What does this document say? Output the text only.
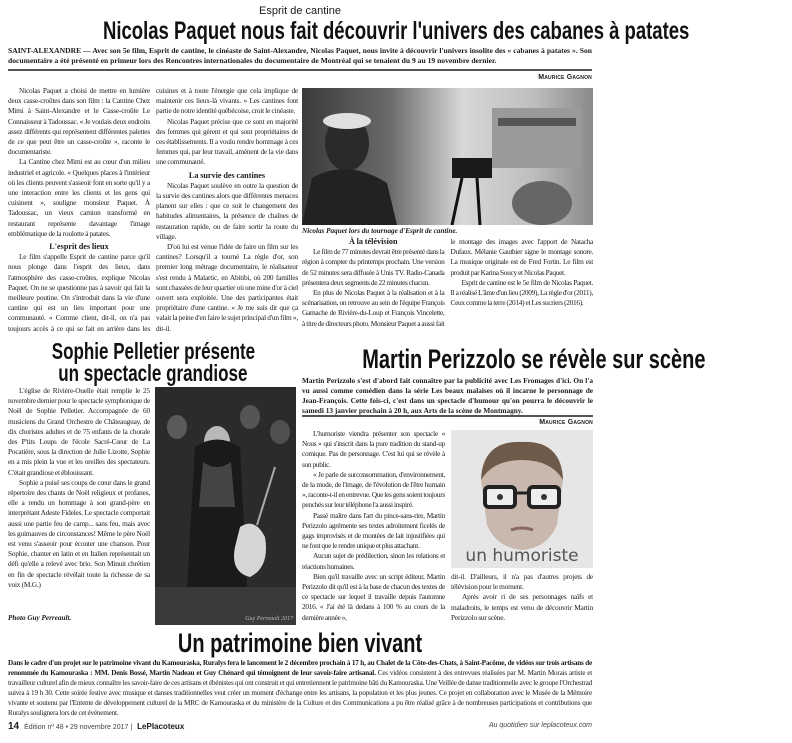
Esprit de cantine
Nicolas Paquet nous fait découvrir l'univers des cabanes à patates
SAINT-ALEXANDRE — Avec son 5e film, Esprit de cantine, le cinéaste de Saint-Alexandre, Nicolas Paquet, nous invite à découvrir l'univers insolite des « cabanes à patates ». Son documentaire a été présenté en primeur lors des Rencontres internationales du documentaire de Montréal qui se tenaient du 9 au 19 novembre dernier.
Maurice Gagnon

Nicolas Paquet a choisi de mettre en lumière deux casse-croûtes dans son film : la Cantine Chez Mimi à Saint-Alexandre et le Casse-croûte Le Connaisseur à Tadoussac. « Je voulais deux endroits assez différents qui représentent différentes palettes de ce que peut être un casse-croûte », raconte le documentariste.

La Cantine chez Mimi est au cœur d'un milieu industriel et agricole. « Quelques places à l'intérieur où les clients peuvent s'asseoir font en sorte qu'il y a une interaction entre les clients et les gens qui cuisinent », souligne monsieur Paquet. À Tadoussac, un vieux camion transformé en restaurant représente davantage l'image emblématique de la roulotte à patates.

L'esprit des lieux

Le film s'appelle Esprit de cantine parce qu'il nous plonge dans l'esprit des lieux, dans l'atmosphère des casse-croûtes, explique Nicolas Paquet. On ne se questionne pas à savoir qui fait la meilleure poutine. On s'introduit dans la vie d'une cantine qui est un lieu important pour une communauté. « Comme client, dit-il, on n'a pas toujours accès à ce qui se fait en arrière dans les cuisines et à toute l'énergie que cela implique de maintenir ces lieux-là vivants. » Les cantines font partie de notre identité québécoise, croit le cinéaste.

Nicolas Paquet précise que ce sont en majorité des femmes qui gèrent et qui sont propriétaires de ces établissements. Il a voulu rendre hommage à ces femmes qui, par leur travail, amènent de la vie dans une communauté.

La survie des cantines

Nicolas Paquet soulève en outre la question de la survie des cantines alors que différentes menaces planent sur elles : que ce soit le changement des habitudes alimentaires, la présence de chaînes de restauration rapide, ou de faire sortir la route du village.

D'où lui est venue l'idée de faire un film sur les cantines? Lorsqu'il a tourné La règle d'or, son premier long métrage documentaire, le réalisateur s'est rendu à Malartic, en Abitibi, où 200 familles sont chassées de leur quartier où une mine d'or à ciel ouvert sera exploitée. Une des participantes était propriétaire d'une cantine. « Je me suis dit que ça valait la peine d'en faire le sujet principal d'un film », dit-il.

Nicolas Paquet lors du tournage d'Esprit de cantine.
À la télévision

Le film de 77 minutes devrait être présenté dans la région à compter du printemps prochain. Une version de 52 minutes sera diffusée à Unis TV. Radio-Canada présentera deux segments de 22 minutes chacun.

En plus de Nicolas Paquet à la réalisation et à la scénarisation, on retrouve au sein de l'équipe François Gamache de Rivière-du-Loup et François Vincelette, à titre de directeurs photo. Monsieur Paquet a aussi fait le montage des images avec l'apport de Natacha Dufaux. Mélanie Gauthier signe le montage sonore. La musique originale est de Fred Fortin. Le film est produit par Karina Soucy et Nicolas Paquet.

Esprit de cantine est le 5e film de Nicolas Paquet. Il a réalisé L'âme d'un lieu (2009), La règle d'or (2011), Ceux comme la terre (2014) et Les sucriers (2016).

Sophie Pelletier présente
un spectacle grandiose

L'église de Rivière-Ouelle était remplie le 25 novembre dernier pour le spectacle symphonique de Noël de Sophie Pelletier. Accompagnée de 60 musiciens du Grand Orchestre de Châteauguay, de dix choristes adultes et de 75 enfants de la chorale des P'tits Loups de l'école Sacré-Cœur de La Pocatière, sous la direction de Julie Lizotte, Sophie en a mis plein la vue et les oreilles des spectateurs. C'était grandiose et éblouissant.

Sophie a puisé ses coups de cœur dans le grand répertoire des chants de Noël religieux et profanes, elle a rendu un hommage à son grand-père en interprétant Adeste Fideles. Le spectacle comportait aussi une partie feu de camp... sans feu, mais avec les guimauves de circonstances! Même le père Noël est venu s'asseoir pour écouter une chanson. Pour Sophie, chanter en latin et en Italien représentait un défi qu'elle a relevé avec brio. Son Minuit chrétien en fin de spectacle révélait toute la richesse de sa voix (M.G.)

Photo Guy Perreault.	Guy Perreault 2017
Martin Perizzolo se révèle sur scène
Martin Perizzolo s'est d'abord fait connaître par la publicité avec Les Fromages d'ici. On l'a vu aussi comme comédien dans la série Les beaux malaises où il incarne le personnage de Jean-François. Cette fois-ci, c'est dans un spectacle d'humour qu'on pourra le découvrir le samedi 13 janvier prochain à 20 h, aux Arts de la scène de Montmagny.
Maurice Gagnon

L'humoriste viendra présenter son spectacle « Nous » qui s'inscrit dans la pure tradition du stand-up comique. Pas de personnage. C'est lui qui se révèle à son public.

« Je parle de surconsommation, d'environnement, de la mode, de l'image, de l'évolution de l'être humain », raconte-t-il en entrevue. Que les gens soient toujours penchés sur leur téléphone l'a aussi inspiré.

Passé maître dans l'art du pince-sans-rire, Martin Perizzolo agrémente ses textes adroitement ficelés de gags improvisés et de montées de lait injustifiées qui ne font que le rendre unique et plus attachant.

Aucun sujet de prédilection, sinon les relations et réactions humaines.

Bien qu'il travaille avec un script éditeur, Martin Perizzolo dit qu'il est à la base de chacun des textes de ce spectacle sur lequel il travaille depuis l'automne 2016. « J'ai été là dedans à 100 % au cours de la dernière année »,

un humoriste

dit-il. D'ailleurs, il n'a pas d'autres projets de télévision pour le moment.

Après avoir ri de ses personnages naïfs et maladroits, le temps est venu de découvrir Martin Perizzolo sur scène.

Un patrimoine bien vivant
Dans le cadre d'un projet sur le patrimoine vivant du Kamouraska, Ruralys fera le lancement le 2 décembre prochain à 17 h, au Chalet de la Côte-des-Chats, à Saint-Pacôme, de vidéos sur trois artisans de renommée du Kamouraska : MM. Denis Bossé, Martin Nadeau et Guy Chénard qui témoignent de leur savoir-faire artisanal. Ces vidéos consistent à des entrevues réalisées par M. Martin Morais artiste et travailleur culturel afin de mieux connaître les savoir-faire de ces artisans et ébénistes qui ont construit et qui entretiennent le patrimoine bâti du Kamouraska. Une Veillée de danse traditionnelle avec le groupe l'Orchestrad suivra à 19 h 30. Cette soirée festive avec musique et danses traditionnelles veut créer un moment d'échange entre les artisans, la population et les plus jeunes. Ce projet en collaboration avec le Musée de la Mémoire vivante et soutenu par l'Entente de développement culturel de la MRC de Kamouraska et du ministère de la Culture et des Communications a pu être réalisé grâce à de nombreuses participations et contributions que Ruralys soulignera lors de cet événement.
14 Édition nº 48 • 29 novembre 2017 | LePlacoteux	Au quotidien sur leplacoteux.com
